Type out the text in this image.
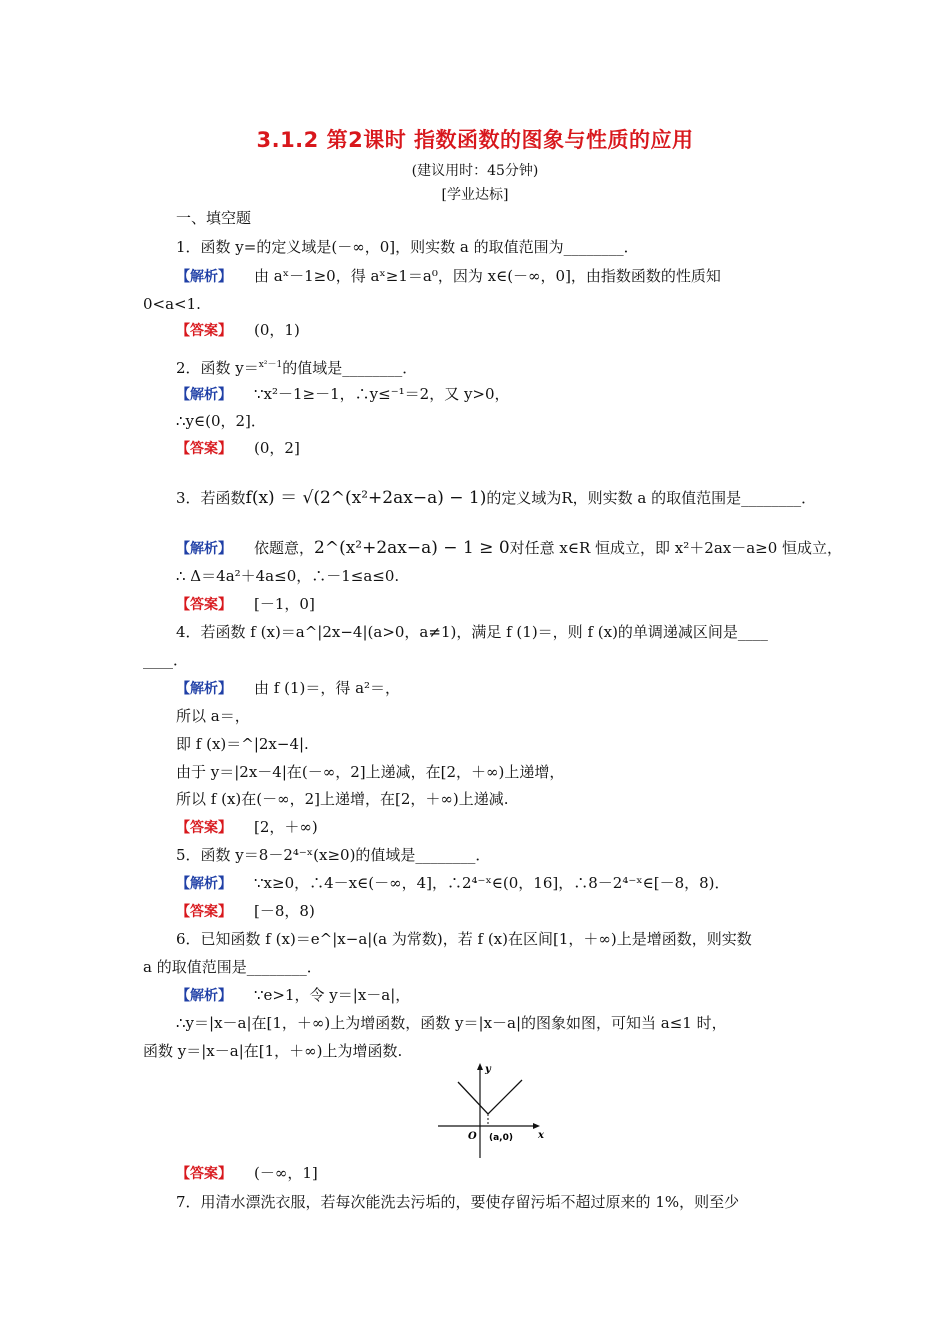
3.1.2 第2课时 指数函数的图象与性质的应用
(建议用时：45分钟)
[学业达标]
一、填空题
1．函数 y=的定义域是(－∞，0]，则实数 a 的取值范围为________．
【解析】 由 aˣ－1≥0，得 aˣ≥1＝a⁰，因为 x∈(－∞，0]，由指数函数的性质知
0<a<1.
【答案】 (0，1)
2．函数 y＝$^{x^2-1}$的值域是________．
【解析】 ∵x²－1≥－1，∴y≤⁻¹＝2，又 y>0，
∴y∈(0，2]．
【答案】 (0，2]
3．若函数f(x) ＝ √(2^(x²+2ax−a) − 1)的定义域为R，则实数 a 的取值范围是________．
【解析】 依题意，2^(x²+2ax−a) − 1 ≥ 0对任意 x∈R 恒成立，即 x²＋2ax－a≥0 恒成立，
∴ Δ＝4a²＋4a≤0，∴－1≤a≤0.
【答案】 [－1，0]
4．若函数 f (x)＝a^|2x−4|(a>0，a≠1)，满足 f (1)＝，则 f (x)的单调递减区间是____
____．
【解析】 由 f (1)＝，得 a²＝，
所以 a＝，
即 f (x)＝^|2x−4|.
由于 y＝|2x－4|在(－∞，2]上递减，在[2，＋∞)上递增，
所以 f (x)在(－∞，2]上递增，在[2，＋∞)上递减.
【答案】 [2，＋∞)
5．函数 y＝8－2⁴⁻ˣ(x≥0)的值域是________．
【解析】 ∵x≥0，∴4－x∈(－∞，4]，∴2⁴⁻ˣ∈(0，16]，∴8－2⁴⁻ˣ∈[－8，8)．
【答案】 [－8，8)
6．已知函数 f (x)＝e^|x−a|(a 为常数)，若 f (x)在区间[1，＋∞)上是增函数，则实数
a 的取值范围是________．
【解析】 ∵e>1，令 y＝|x－a|，
∴y＝|x－a|在[1，＋∞)上为增函数，函数 y＝|x－a|的图象如图，可知当 a≤1 时，
函数 y＝|x－a|在[1，＋∞)上为增函数.
y
x
O (a,0)
【答案】 (－∞，1]
7．用清水漂洗衣服，若每次能洗去污垢的，要使存留污垢不超过原来的 1%，则至少
